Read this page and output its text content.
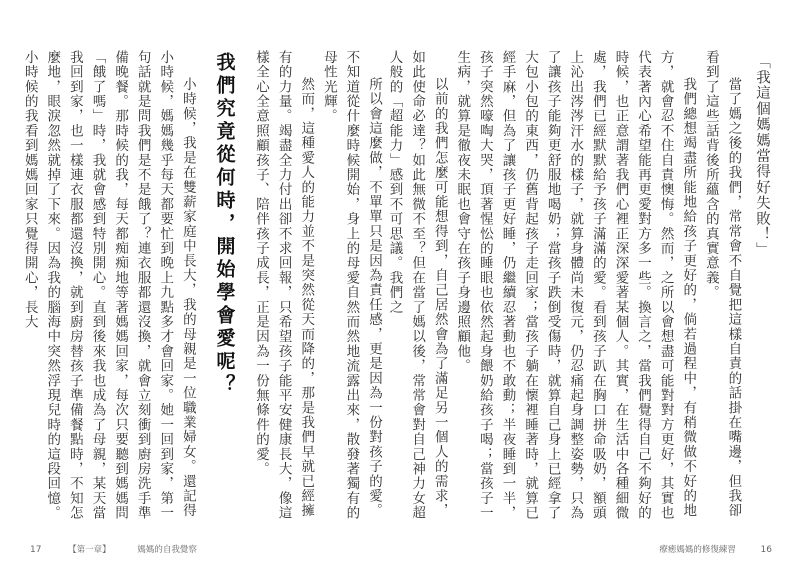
「我這個媽媽當得好失敗！」

當了媽之後的我們，常常會不自覺把這樣自責的話掛在嘴邊，但我卻看到了這些話背後所蘊含的真實意義。

我們總想竭盡所能地給孩子更好的，倘若過程中，有稍微做不好的地方，就會忍不住自責懊悔。然而，之所以會想盡可能對對方更好，其實也代表著內心希望能再更愛對方多一些。換言之，當我們覺得自己不夠好的時候，也正意謂著我們心裡正深深愛著某個人。其實，在生活中各種細微處，我們已經默默給予孩子滿滿的愛。看到孩子趴在胸口拼命吸奶，額頭上沁出涔涔汗水的樣子，就算身體尚未復元，仍忍痛起身調整姿勢，只為了讓孩子能夠更舒服地喝奶；當孩子跌倒受傷時，就算自己身上已經拿了大包小包的東西，仍舊背起孩子走回家；當孩子躺在懷裡睡著時，就算已經手麻，但為了讓孩子更好睡，仍繼續忍著動也不敢動；半夜睡到一半，孩子突然嚎啕大哭，頂著惺忪的睡眼也依然起身餵奶給孩子喝；當孩子一生病，就算是徹夜未眠也會守在孩子身邊照顧他。

以前的我們怎麼可能想得到，自己居然會為了滿足另一個人的需求，如此使命必達？如此無微不至？但在當了媽以後，常常會對自己神力女超人般的「超能力」感到不可思議。我們之

療癒媽媽的修復練習	16

所以會這麼做，不單單只是因為責任感，更是因為一份對孩子的愛。不知道從什麼時候開始，身上的母愛自然而然地流露出來，散發著獨有的母性光輝。

然而，這種愛人的能力並不是突然從天而降的，那是我們早就已經擁有的力量。竭盡全力付出卻不求回報，只希望孩子能平安健康長大，像這樣全心全意照顧孩子、陪伴孩子成長，正是因為一份無條件的愛。

我們究竟從何時，開始學會愛呢？

小時候，我是在雙薪家庭中長大，我的母親是一位職業婦女。還記得小時候，媽媽幾乎每天都要忙到晚上九點多才會回家。她一回到家，第一句話就是問我們是不是餓了？連衣服都還沒換，就會立刻衝到廚房洗手準備晚餐。那時候的我，每天都痴痴地等著媽媽回家，每次只要聽到媽媽問「餓了嗎」時，我就會感到特別開心。直到後來我也成為了母親，某天當我回到家，也一樣連衣服都還沒換，就到廚房替孩子準備餐點時，不知怎麼地，眼淚忽然就掉了下來。因為我的腦海中突然浮現兒時的這段回憶。小時候的我看到媽媽回家只覺得開心，長大

17	【第一章】	媽媽的自我覺察
